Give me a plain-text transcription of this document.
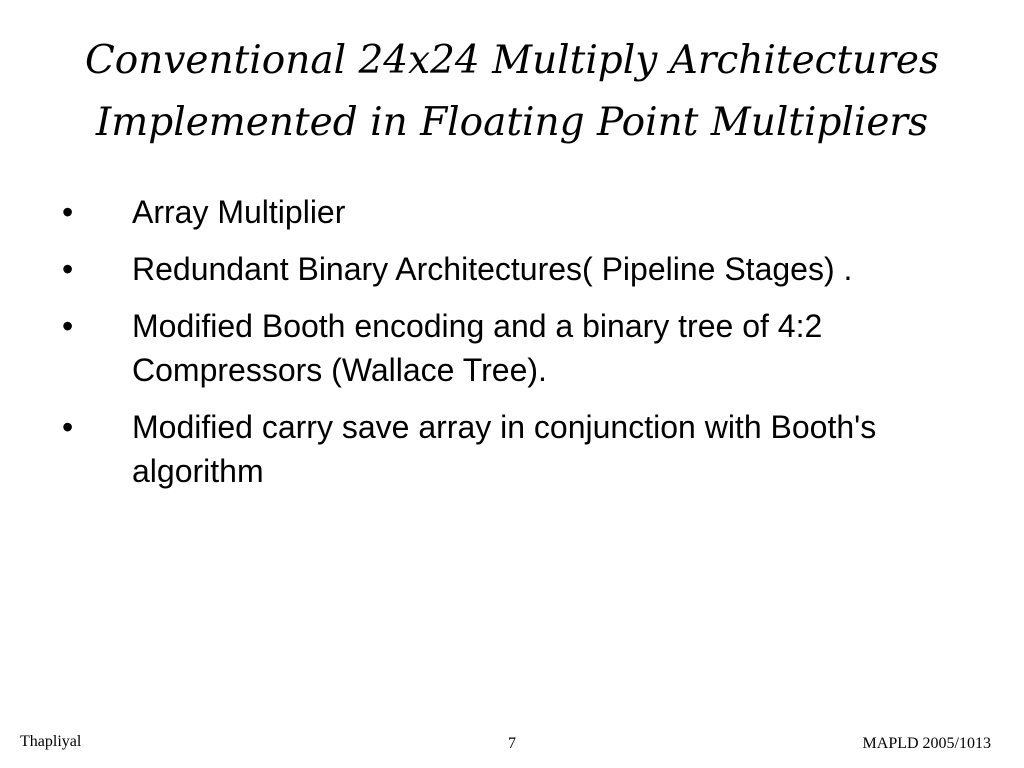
Conventional 24x24 Multiply Architectures
Implemented in Floating Point Multipliers
•	Array Multiplier
•	Redundant Binary Architectures( Pipeline Stages) .
•	Modified Booth encoding and a binary tree of 4:2 Compressors (Wallace Tree).
•	Modified carry save array in conjunction with Booth's algorithm
Thapliyal	7	MAPLD 2005/1013
